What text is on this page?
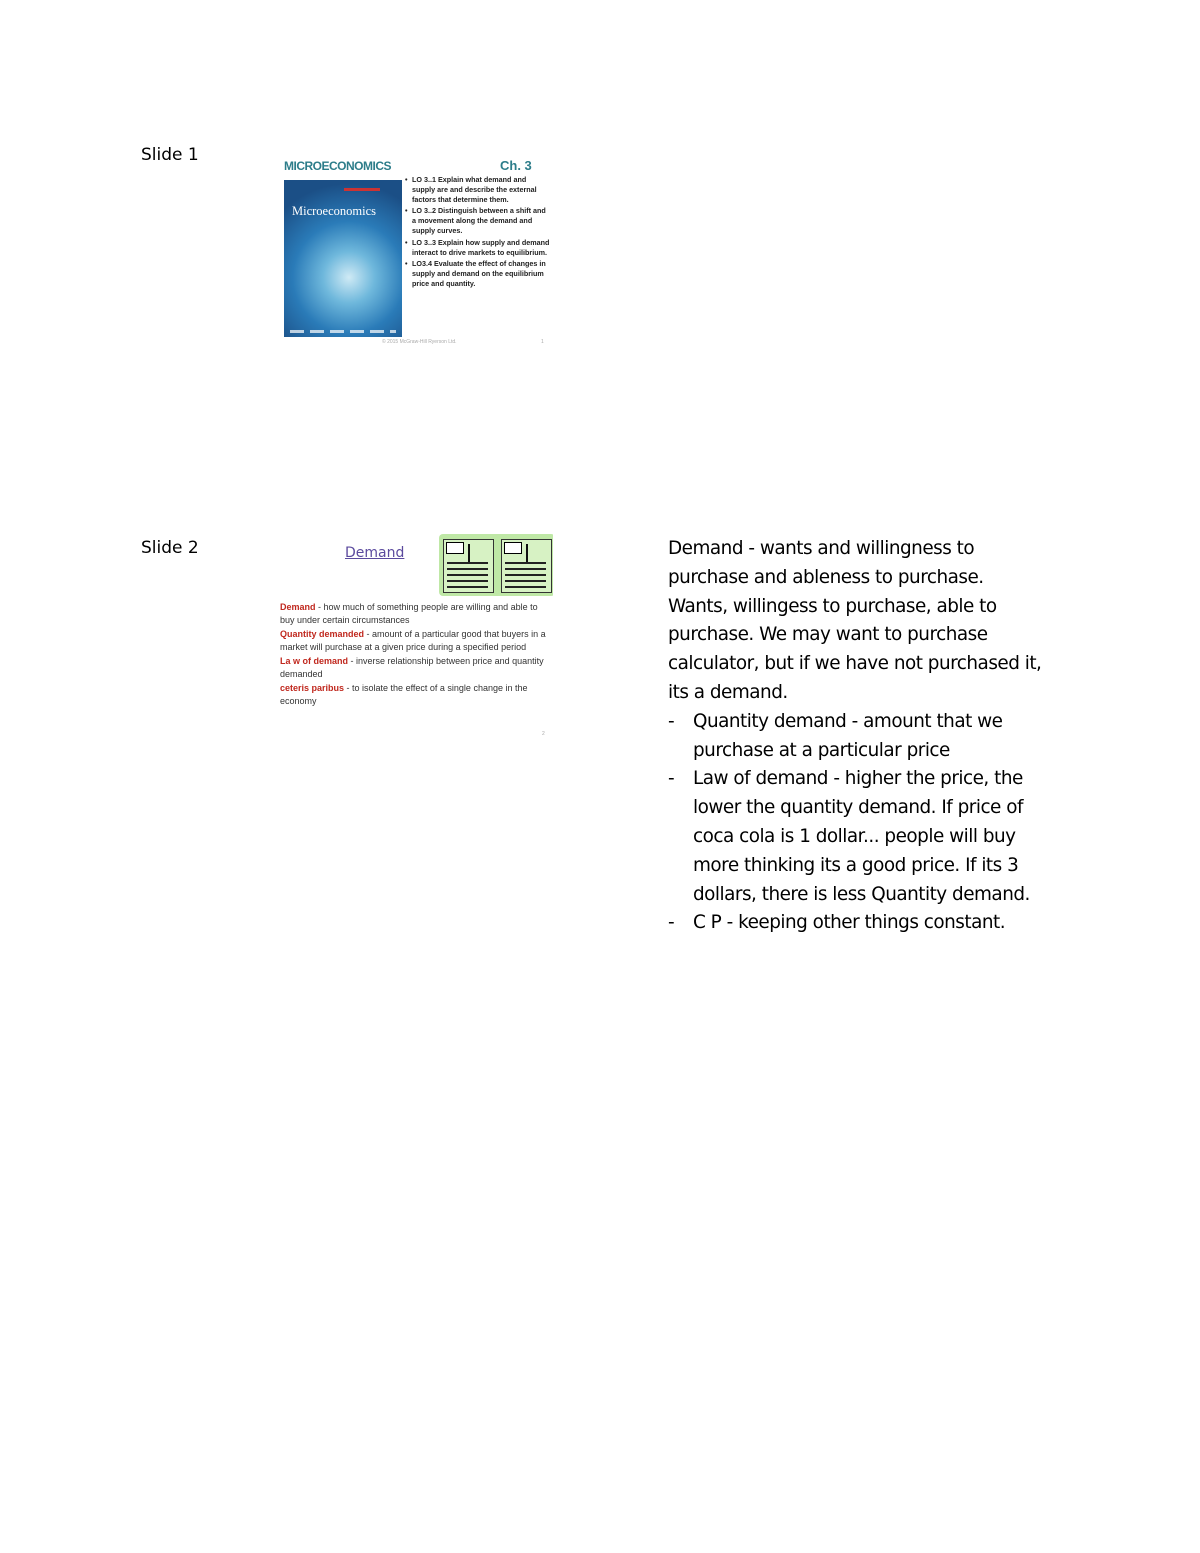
Slide 1
MICROECONOMICS	Ch. 3
Microeconomics
• LO 3..1 Explain what demand and supply are and describe the external factors that determine them.
• LO 3..2 Distinguish between a shift and a movement along the demand and supply curves.
• LO 3..3 Explain how supply and demand interact to drive markets to equilibrium.
• LO3.4 Evaluate the effect of changes in supply and demand on the equilibrium price and quantity.
© 2015 McGraw-Hill Ryerson Ltd.	1
Slide 2	Demand
Demand - how much of something people are willing and able to buy under certain circumstances
Quantity demanded - amount of a particular good that buyers in a market will purchase at a given price during a specified period
La w of demand - inverse relationship between price and quantity demanded
ceteris paribus - to isolate the effect of a single change in the economy
2

Demand - wants and willingness to purchase and ableness to purchase. Wants, willingess to purchase, able to purchase. We may want to purchase calculator, but if we have not purchased it, its a demand.

- Quantity demand - amount that we purchase at a particular price
- Law of demand - higher the price, the lower the quantity demand. If price of coca cola is 1 dollar... people will buy more thinking its a good price. If its 3 dollars, there is less Quantity demand.
- C P - keeping other things constant.
